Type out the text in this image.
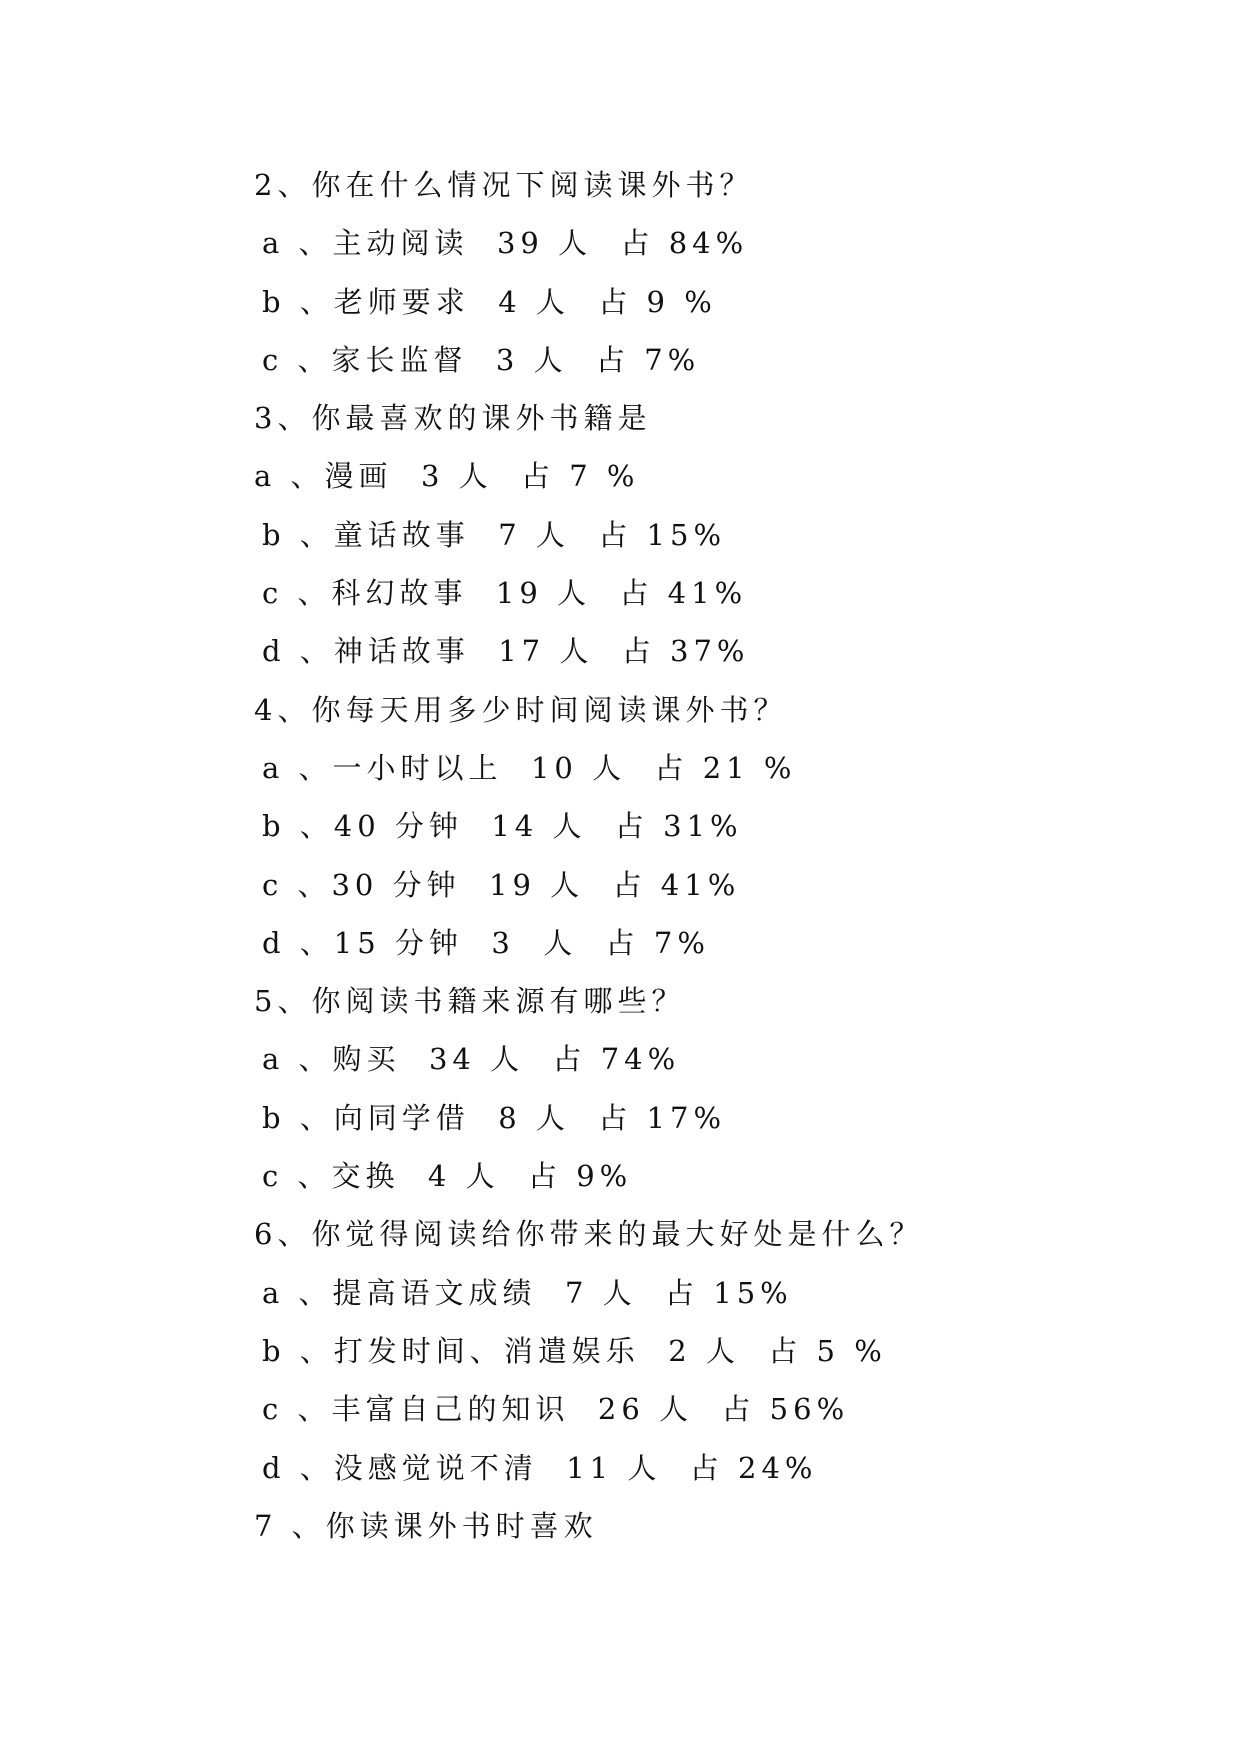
2、你在什么情况下阅读课外书？
a 、主动阅读  39 人  占 84%
b 、老师要求  4 人  占 9 %
c 、家长监督  3 人  占 7%
3、你最喜欢的课外书籍是
a 、漫画  3 人  占 7 %
b 、童话故事  7 人  占 15%
c 、科幻故事  19 人  占 41%
d 、神话故事  17 人  占 37%
4、你每天用多少时间阅读课外书？
a 、一小时以上  10 人  占 21 %
b 、40 分钟  14 人  占 31%
c 、30 分钟  19 人  占 41%
d 、15 分钟  3  人  占 7%
5、你阅读书籍来源有哪些？
a 、购买  34 人  占 74%
b 、向同学借  8 人  占 17%
c 、交换  4 人  占 9%
6、你觉得阅读给你带来的最大好处是什么？
a 、提高语文成绩  7 人  占 15%
b 、打发时间、消遣娱乐  2 人  占 5 %
c 、丰富自己的知识  26 人  占 56%
d 、没感觉说不清  11 人  占 24%
7 、你读课外书时喜欢
